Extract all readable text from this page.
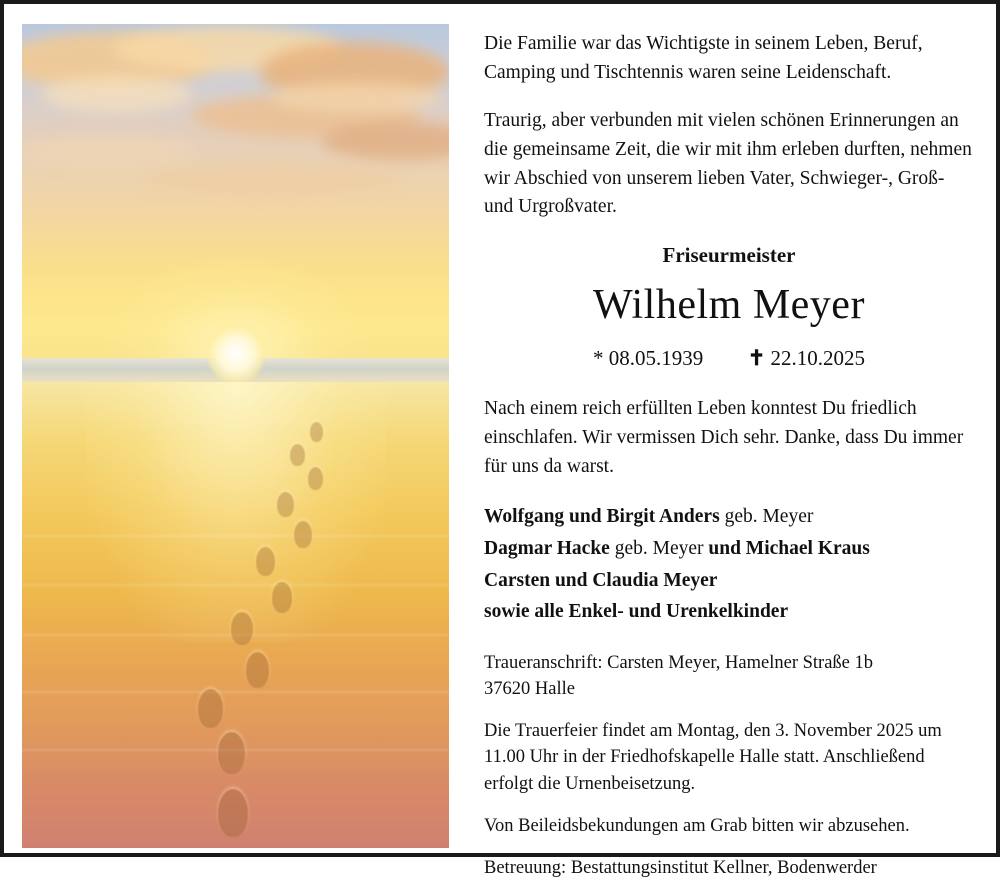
Die Familie war das Wichtigste in seinem Leben, Beruf, Camping und Tischtennis waren seine Leidenschaft.

Traurig, aber verbunden mit vielen schönen Erinnerungen an die gemeinsame Zeit, die wir mit ihm erleben durften, nehmen wir Abschied von unserem lieben Vater, Schwieger-, Groß- und Urgroßvater.

Friseurmeister
Wilhelm Meyer
* 08.05.1939 ✝ 22.10.2025

Nach einem reich erfüllten Leben konntest Du friedlich einschlafen. Wir vermissen Dich sehr. Danke, dass Du immer für uns da warst.

Wolfgang und Birgit Anders geb. Meyer
Dagmar Hacke geb. Meyer und Michael Kraus
Carsten und Claudia Meyer
sowie alle Enkel- und Urenkelkinder

Traueranschrift: Carsten Meyer, Hamelner Straße 1b
37620 Halle

Die Trauerfeier findet am Montag, den 3. November 2025 um 11.00 Uhr in der Friedhofskapelle Halle statt. Anschließend erfolgt die Urnenbeisetzung.

Von Beileidsbekundungen am Grab bitten wir abzusehen.

Betreuung: Bestattungsinstitut Kellner, Bodenwerder
